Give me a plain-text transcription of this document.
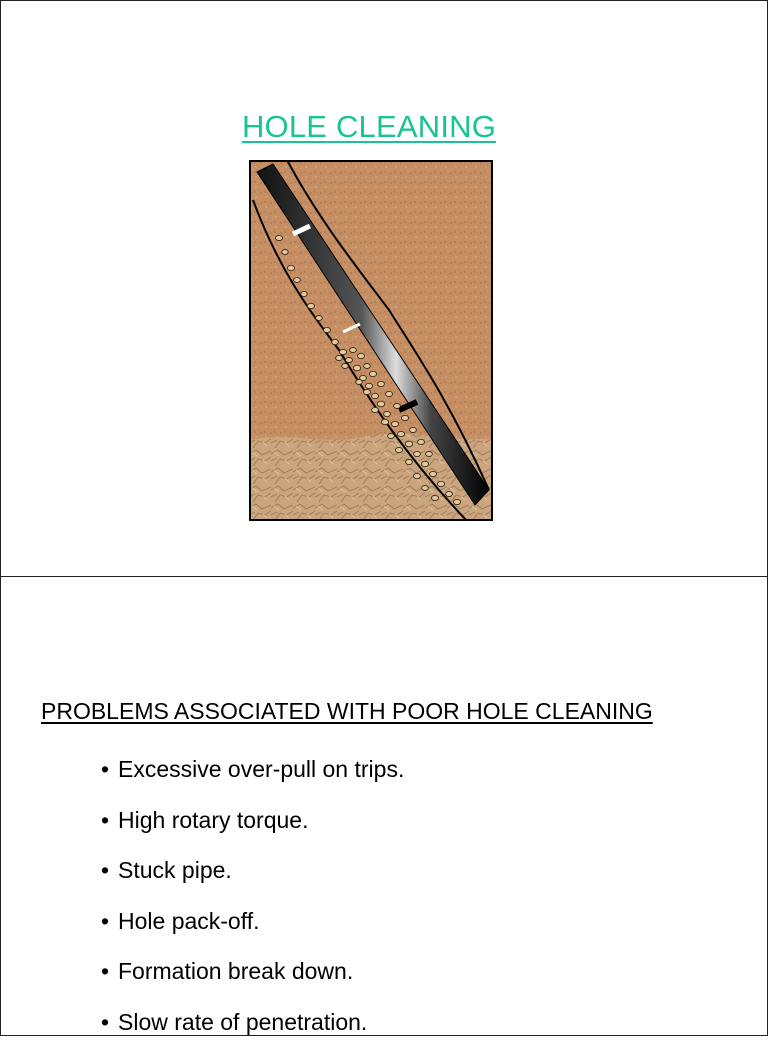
HOLE CLEANING
PROBLEMS ASSOCIATED WITH POOR HOLE CLEANING
• Excessive over-pull on trips.
• High rotary torque.
• Stuck pipe.
• Hole pack-off.
• Formation break down.
• Slow rate of penetration.
